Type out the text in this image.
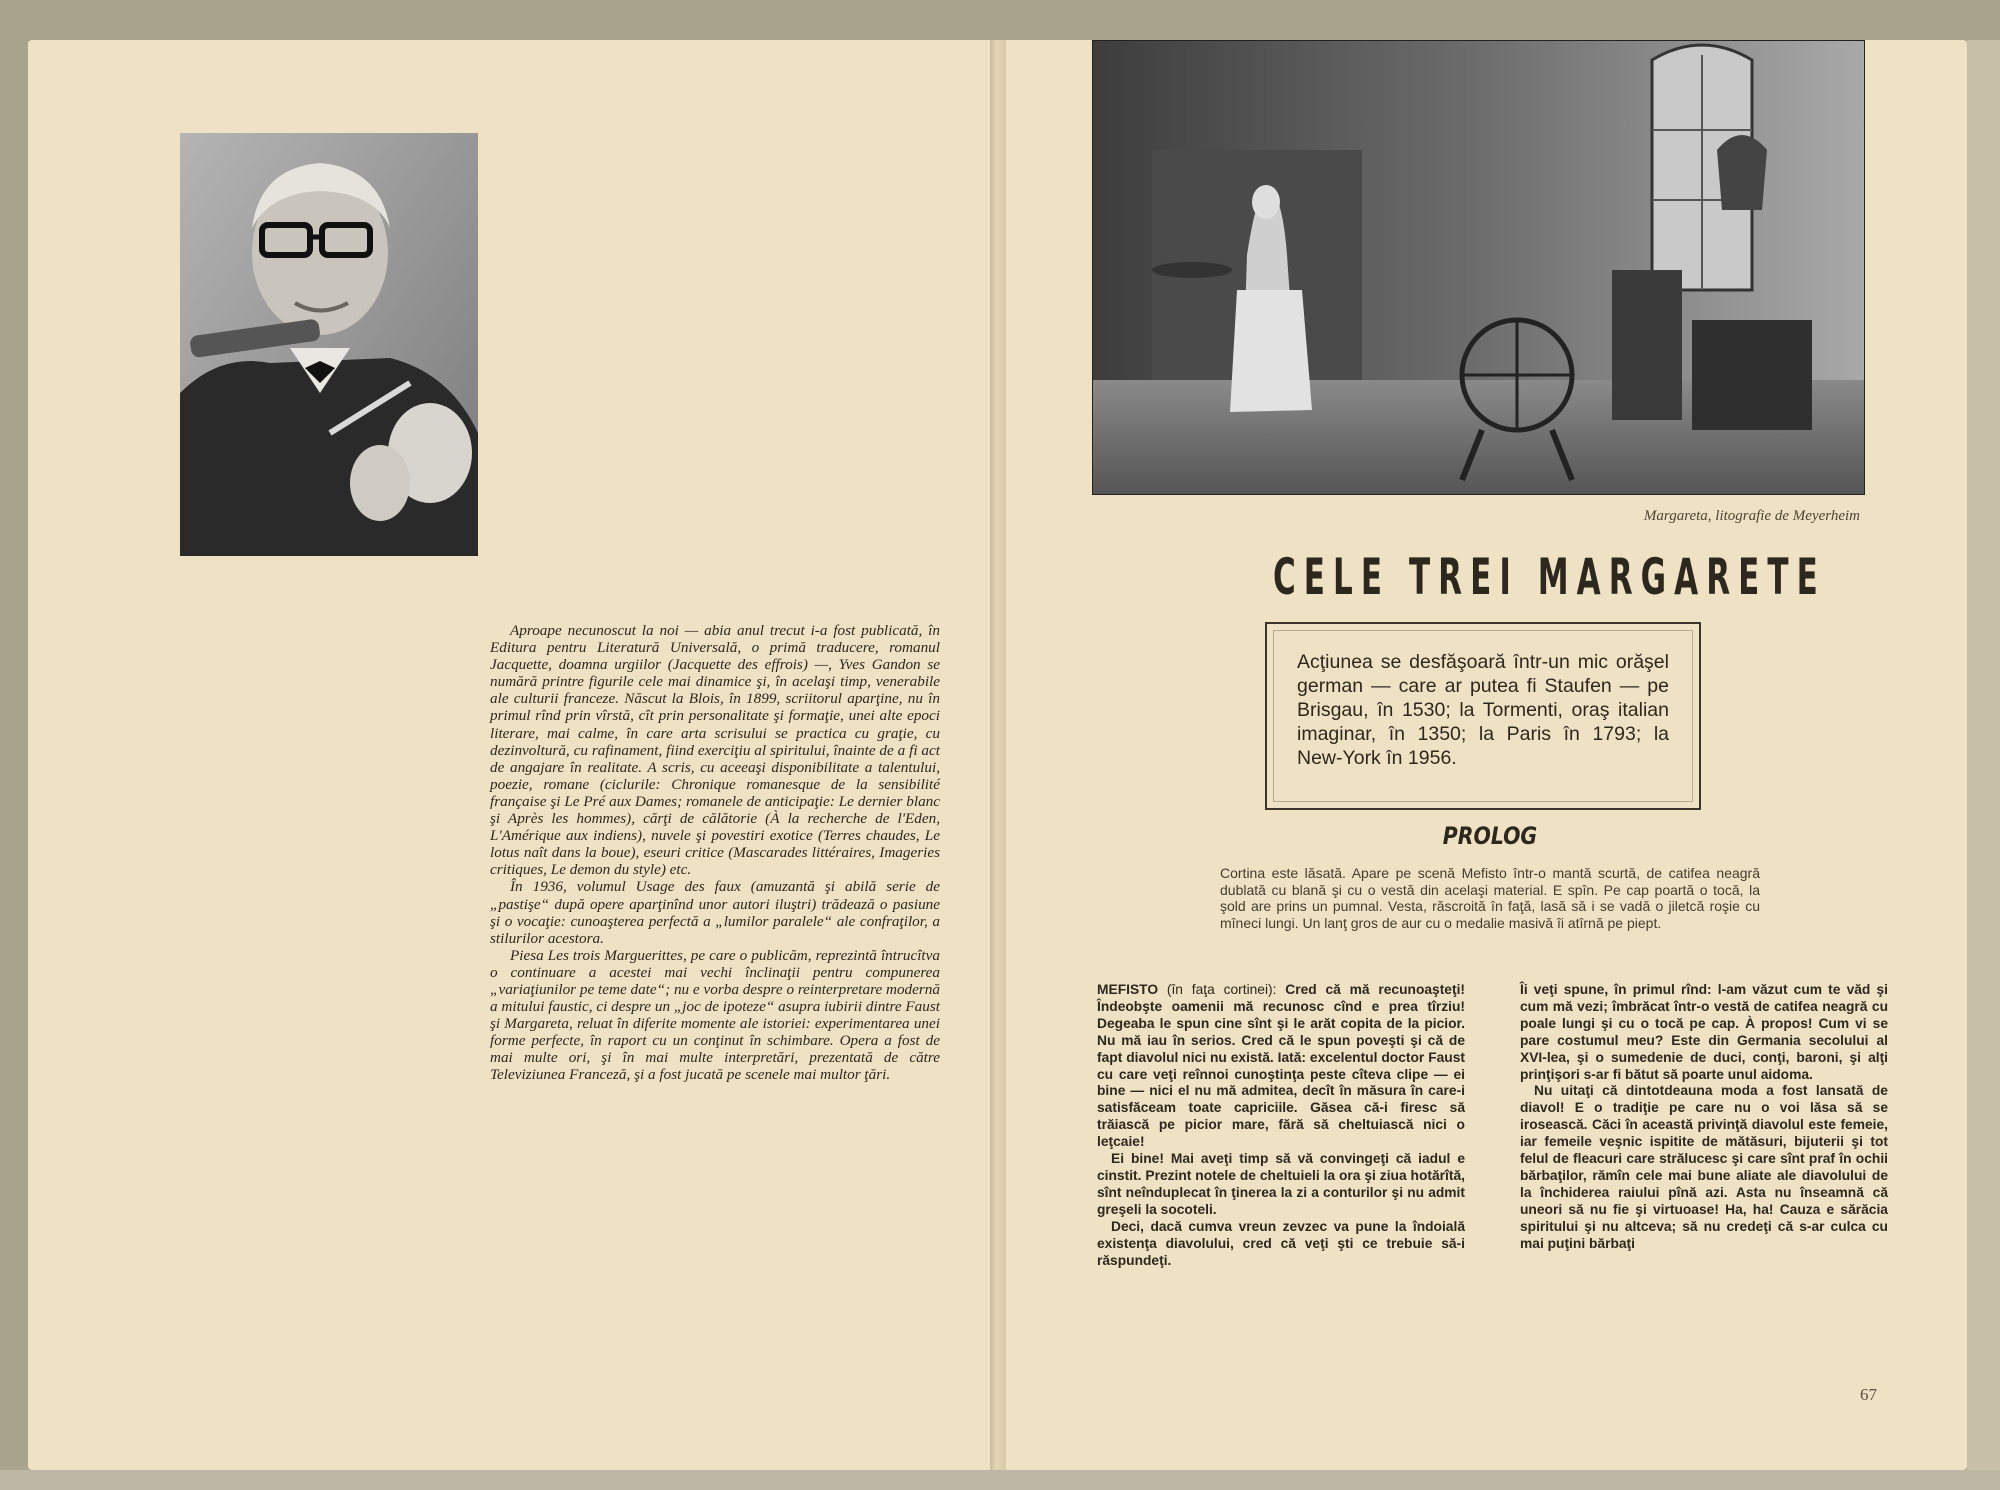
Aproape necunoscut la noi — abia anul trecut i-a fost publicată, în Editura pentru Literatură Universală, o primă traducere, romanul Jacquette, doamna urgiilor (Jacquette des effrois) —, Yves Gandon se numără printre figurile cele mai dinamice şi, în acelaşi timp, venerabile ale culturii franceze. Născut la Blois, în 1899, scriitorul aparţine, nu în primul rînd prin vîrstă, cît prin personalitate şi formaţie, unei alte epoci literare, mai calme, în care arta scrisului se practica cu graţie, cu dezinvoltură, cu rafinament, fiind exerciţiu al spiritului, înainte de a fi act de angajare în realitate. A scris, cu aceeaşi disponibilitate a talentului, poezie, romane (ciclurile: Chronique romanesque de la sensibilité française şi Le Pré aux Dames; romanele de anticipaţie: Le dernier blanc şi Après les hommes), cărţi de călătorie (À la recherche de l'Eden, L'Amérique aux indiens), nuvele şi povestiri exotice (Terres chaudes, Le lotus naît dans la boue), eseuri critice (Mascarades littéraires, Imageries critiques, Le demon du style) etc.

În 1936, volumul Usage des faux (amuzantă şi abilă serie de „pastişe“ după opere aparţinînd unor autori iluştri) trădează o pasiune şi o vocaţie: cunoaşterea perfectă a „lumilor paralele“ ale confraţilor, a stilurilor acestora.

Piesa Les trois Marguerittes, pe care o publicăm, reprezintă întrucîtva o continuare a acestei mai vechi înclinaţii pentru compunerea „variaţiunilor pe teme date“; nu e vorba despre o reinterpretare modernă a mitului faustic, ci despre un „joc de ipoteze“ asupra iubirii dintre Faust şi Margareta, reluat în diferite momente ale istoriei: experimentarea unei forme perfecte, în raport cu un conţinut în schimbare. Opera a fost de mai multe ori, şi în mai multe interpretări, prezentată de către Televiziunea Franceză, şi a fost jucată pe scenele mai multor ţări.

Margareta, litografie de Meyerheim
CELE TREI MARGARETE
Acţiunea se desfăşoară într-un mic orăşel german — care ar putea fi Staufen — pe Brisgau, în 1530; la Tormenti, oraş italian imaginar, în 1350; la Paris în 1793; la New-York în 1956.
PROLOG
Cortina este lăsată. Apare pe scenă Mefisto într-o mantă scurtă, de catifea neagră dublată cu blană şi cu o vestă din acelaşi material. E spîn. Pe cap poartă o tocă, la şold are prins un pumnal. Vesta, răscroită în faţă, lasă să i se vadă o jiletcă roşie cu mîneci lungi. Un lanţ gros de aur cu o medalie masivă îi atîrnă pe piept.

MEFISTO (în faţa cortinei): Cred că mă recunoaşteţi! Îndeobşte oamenii mă recunosc cînd e prea tîrziu! Degeaba le spun cine sînt şi le arăt copita de la picior. Nu mă iau în serios. Cred că le spun poveşti şi că de fapt diavolul nici nu există. Iată: excelentul doctor Faust cu care veţi reînnoi cunoştinţa peste cîteva clipe — ei bine — nici el nu mă admitea, decît în măsura în care-i satisfăceam toate capriciile. Găsea că-i firesc să trăiască pe picior mare, fără să cheltuiască nici o leţcaie!

Ei bine! Mai aveţi timp să vă convingeţi că iadul e cinstit. Prezint notele de cheltuieli la ora şi ziua hotărîtă, sînt neînduplecat în ţinerea la zi a conturilor şi nu admit greşeli la socoteli.

Deci, dacă cumva vreun zevzec va pune la îndoială existenţa diavolului, cred că veţi şti ce trebuie să-i răspundeţi.

Îi veţi spune, în primul rînd: l-am văzut cum te văd şi cum mă vezi; îmbrăcat într-o vestă de catifea neagră cu poale lungi şi cu o tocă pe cap. À propos! Cum vi se pare costumul meu? Este din Germania secolului al XVI-lea, şi o sumedenie de duci, conţi, baroni, şi alţi prinţişori s-ar fi bătut să poarte unul aidoma.

Nu uitaţi că dintotdeauna moda a fost lansată de diavol! E o tradiţie pe care nu o voi lăsa să se irosească. Căci în această privinţă diavolul este femeie, iar femeile veşnic ispitite de mătăsuri, bijuterii şi tot felul de fleacuri care strălucesc şi care sînt praf în ochii bărbaţilor, rămîn cele mai bune aliate ale diavolului de la închiderea raiului pînă azi. Asta nu înseamnă că uneori să nu fie şi virtuoase! Ha, ha! Cauza e sărăcia spiritului şi nu altceva; să nu credeţi că s-ar culca cu mai puţini bărbaţi

67
